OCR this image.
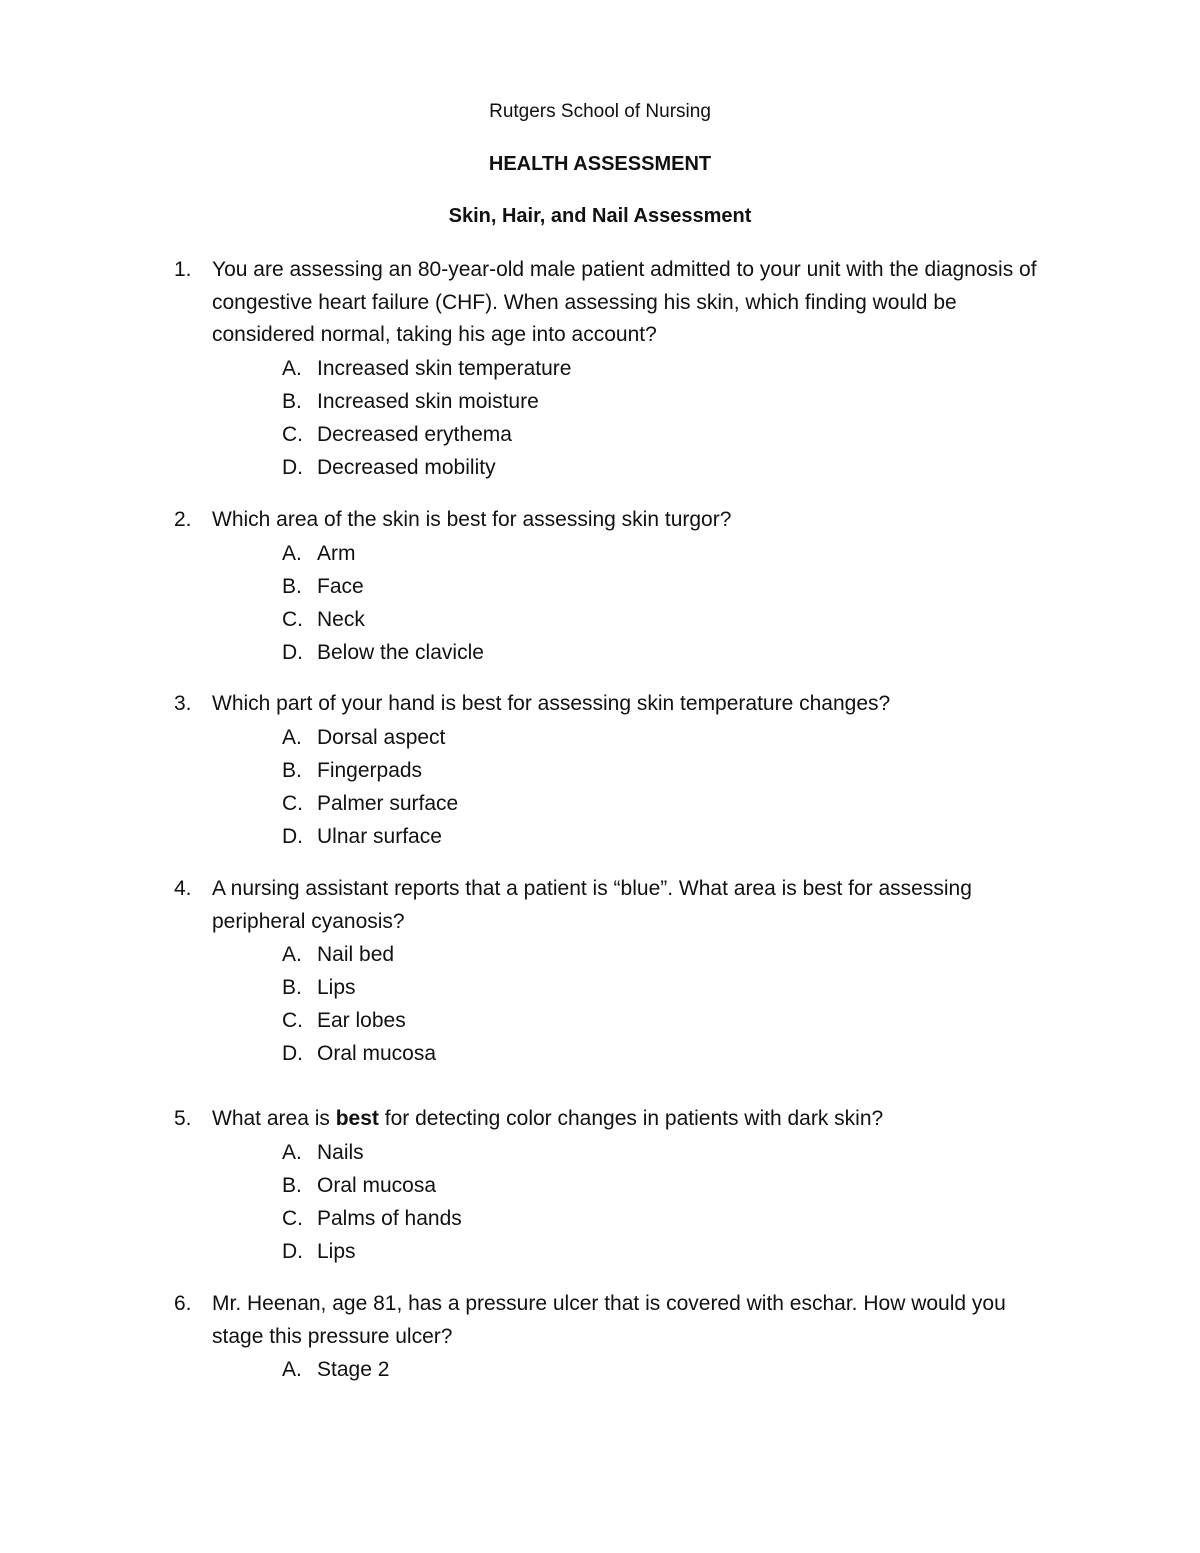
Rutgers School of Nursing
HEALTH ASSESSMENT
Skin, Hair, and Nail Assessment
1. You are assessing an 80-year-old male patient admitted to your unit with the diagnosis of congestive heart failure (CHF). When assessing his skin, which finding would be considered normal, taking his age into account?
A. Increased skin temperature
B. Increased skin moisture
C. Decreased erythema
D. Decreased mobility
2. Which area of the skin is best for assessing skin turgor?
A. Arm
B. Face
C. Neck
D. Below the clavicle
3. Which part of your hand is best for assessing skin temperature changes?
A. Dorsal aspect
B. Fingerpads
C. Palmer surface
D. Ulnar surface
4. A nursing assistant reports that a patient is “blue”. What area is best for assessing peripheral cyanosis?
A. Nail bed
B. Lips
C. Ear lobes
D. Oral mucosa
5. What area is best for detecting color changes in patients with dark skin?
A. Nails
B. Oral mucosa
C. Palms of hands
D. Lips
6. Mr. Heenan, age 81, has a pressure ulcer that is covered with eschar. How would you stage this pressure ulcer?
A. Stage 2
